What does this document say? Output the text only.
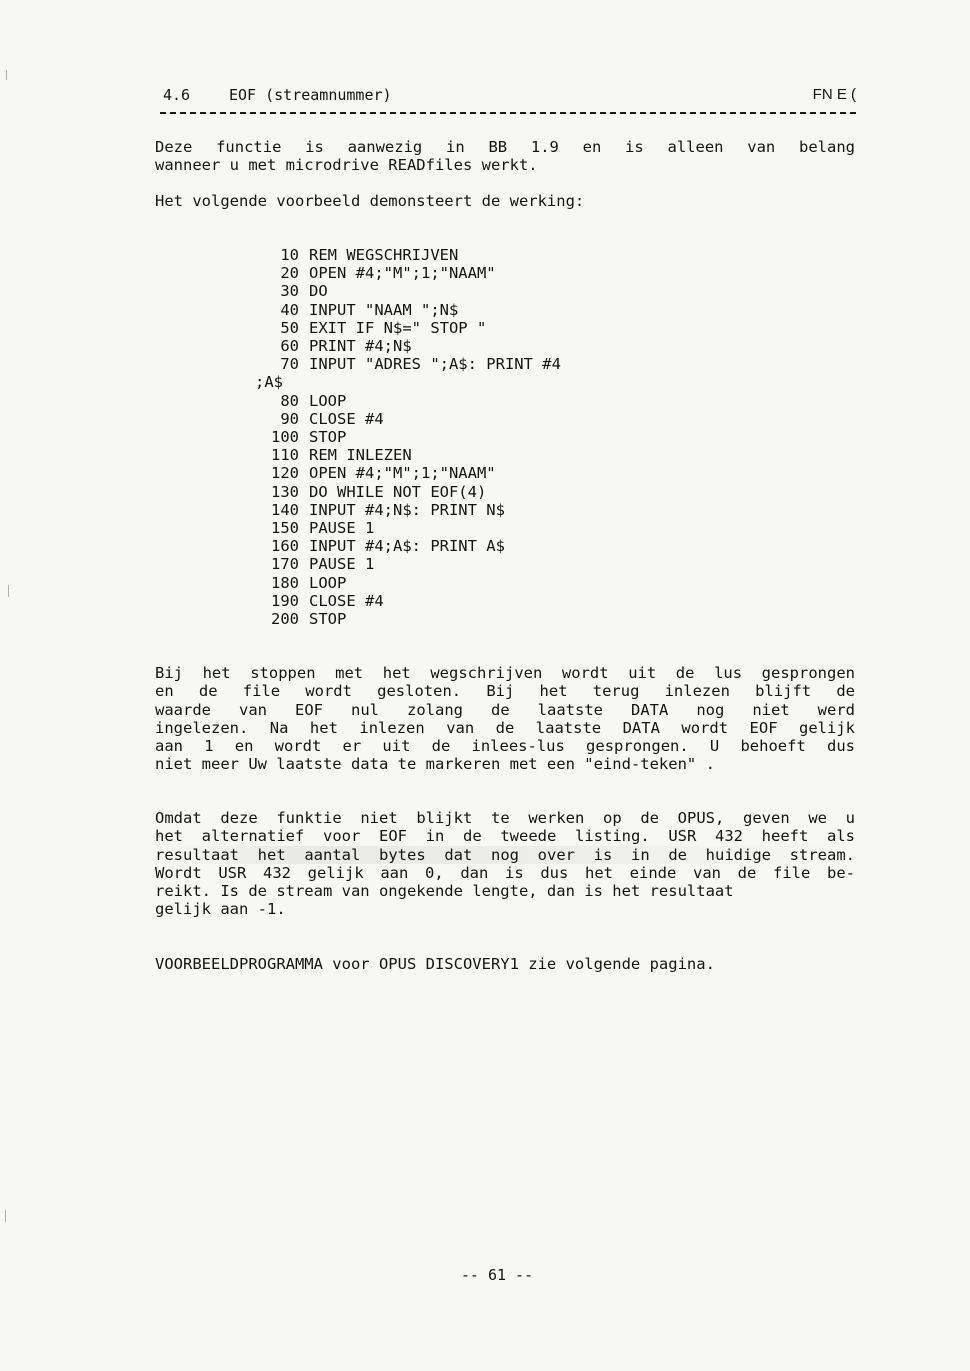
4.6	EOF (streamnummer)	FN E (

Deze functie is aanwezig in BB 1.9 en is alleen van belang
wanneer u met microdrive READfiles werkt.

Het volgende voorbeeld demonsteert de werking:

10 REM WEGSCHRIJVEN
20 OPEN #4;"M";1;"NAAM"
30 DO
40 INPUT "NAAM ";N$
50 EXIT IF N$=" STOP "
60 PRINT #4;N$
70 INPUT "ADRES ";A$: PRINT #4
;A$
80 LOOP
90 CLOSE #4
100 STOP
110 REM INLEZEN
120 OPEN #4;"M";1;"NAAM"
130 DO WHILE NOT EOF(4)
140 INPUT #4;N$: PRINT N$
150 PAUSE 1
160 INPUT #4;A$: PRINT A$
170 PAUSE 1
180 LOOP
190 CLOSE #4
200 STOP

Bij het stoppen met het wegschrijven wordt uit de lus gesprongen
en de file wordt gesloten. Bij het terug inlezen blijft de
waarde van EOF nul zolang de laatste DATA nog niet werd
ingelezen. Na het inlezen van de laatste DATA wordt EOF gelijk
aan 1 en wordt er uit de inlees-lus gesprongen. U behoeft dus
niet meer Uw laatste data te markeren met een "eind-teken" .

Omdat deze funktie niet blijkt te werken op de OPUS, geven we u
het alternatief voor EOF in de tweede listing. USR 432 heeft als
resultaat het aantal bytes dat nog over is in de huidige stream.
Wordt USR 432 gelijk aan 0, dan is dus het einde van de file be-
reikt. Is de stream van ongekende lengte, dan is het resultaat
gelijk aan -1.

VOORBEELDPROGRAMMA voor OPUS DISCOVERY1 zie volgende pagina.

-- 61 --
